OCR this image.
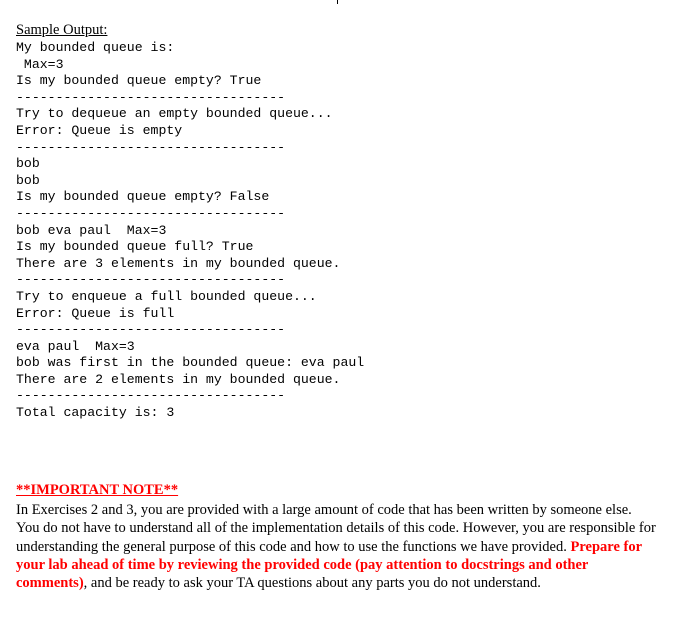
Sample Output:
My bounded queue is:
Max=3
Is my bounded queue empty? True
----------------------------------
Try to dequeue an empty bounded queue...
Error: Queue is empty
----------------------------------
bob
bob
Is my bounded queue empty? False
----------------------------------
bob eva paul  Max=3
Is my bounded queue full? True
There are 3 elements in my bounded queue.
----------------------------------
Try to enqueue a full bounded queue...
Error: Queue is full
----------------------------------
eva paul  Max=3
bob was first in the bounded queue: eva paul
There are 2 elements in my bounded queue.
----------------------------------
Total capacity is: 3
**IMPORTANT NOTE**

In Exercises 2 and 3, you are provided with a large amount of code that has been written by someone else. You do not have to understand all of the implementation details of this code. However, you are responsible for understanding the general purpose of this code and how to use the functions we have provided. Prepare for your lab ahead of time by reviewing the provided code (pay attention to docstrings and other comments), and be ready to ask your TA questions about any parts you do not understand.
